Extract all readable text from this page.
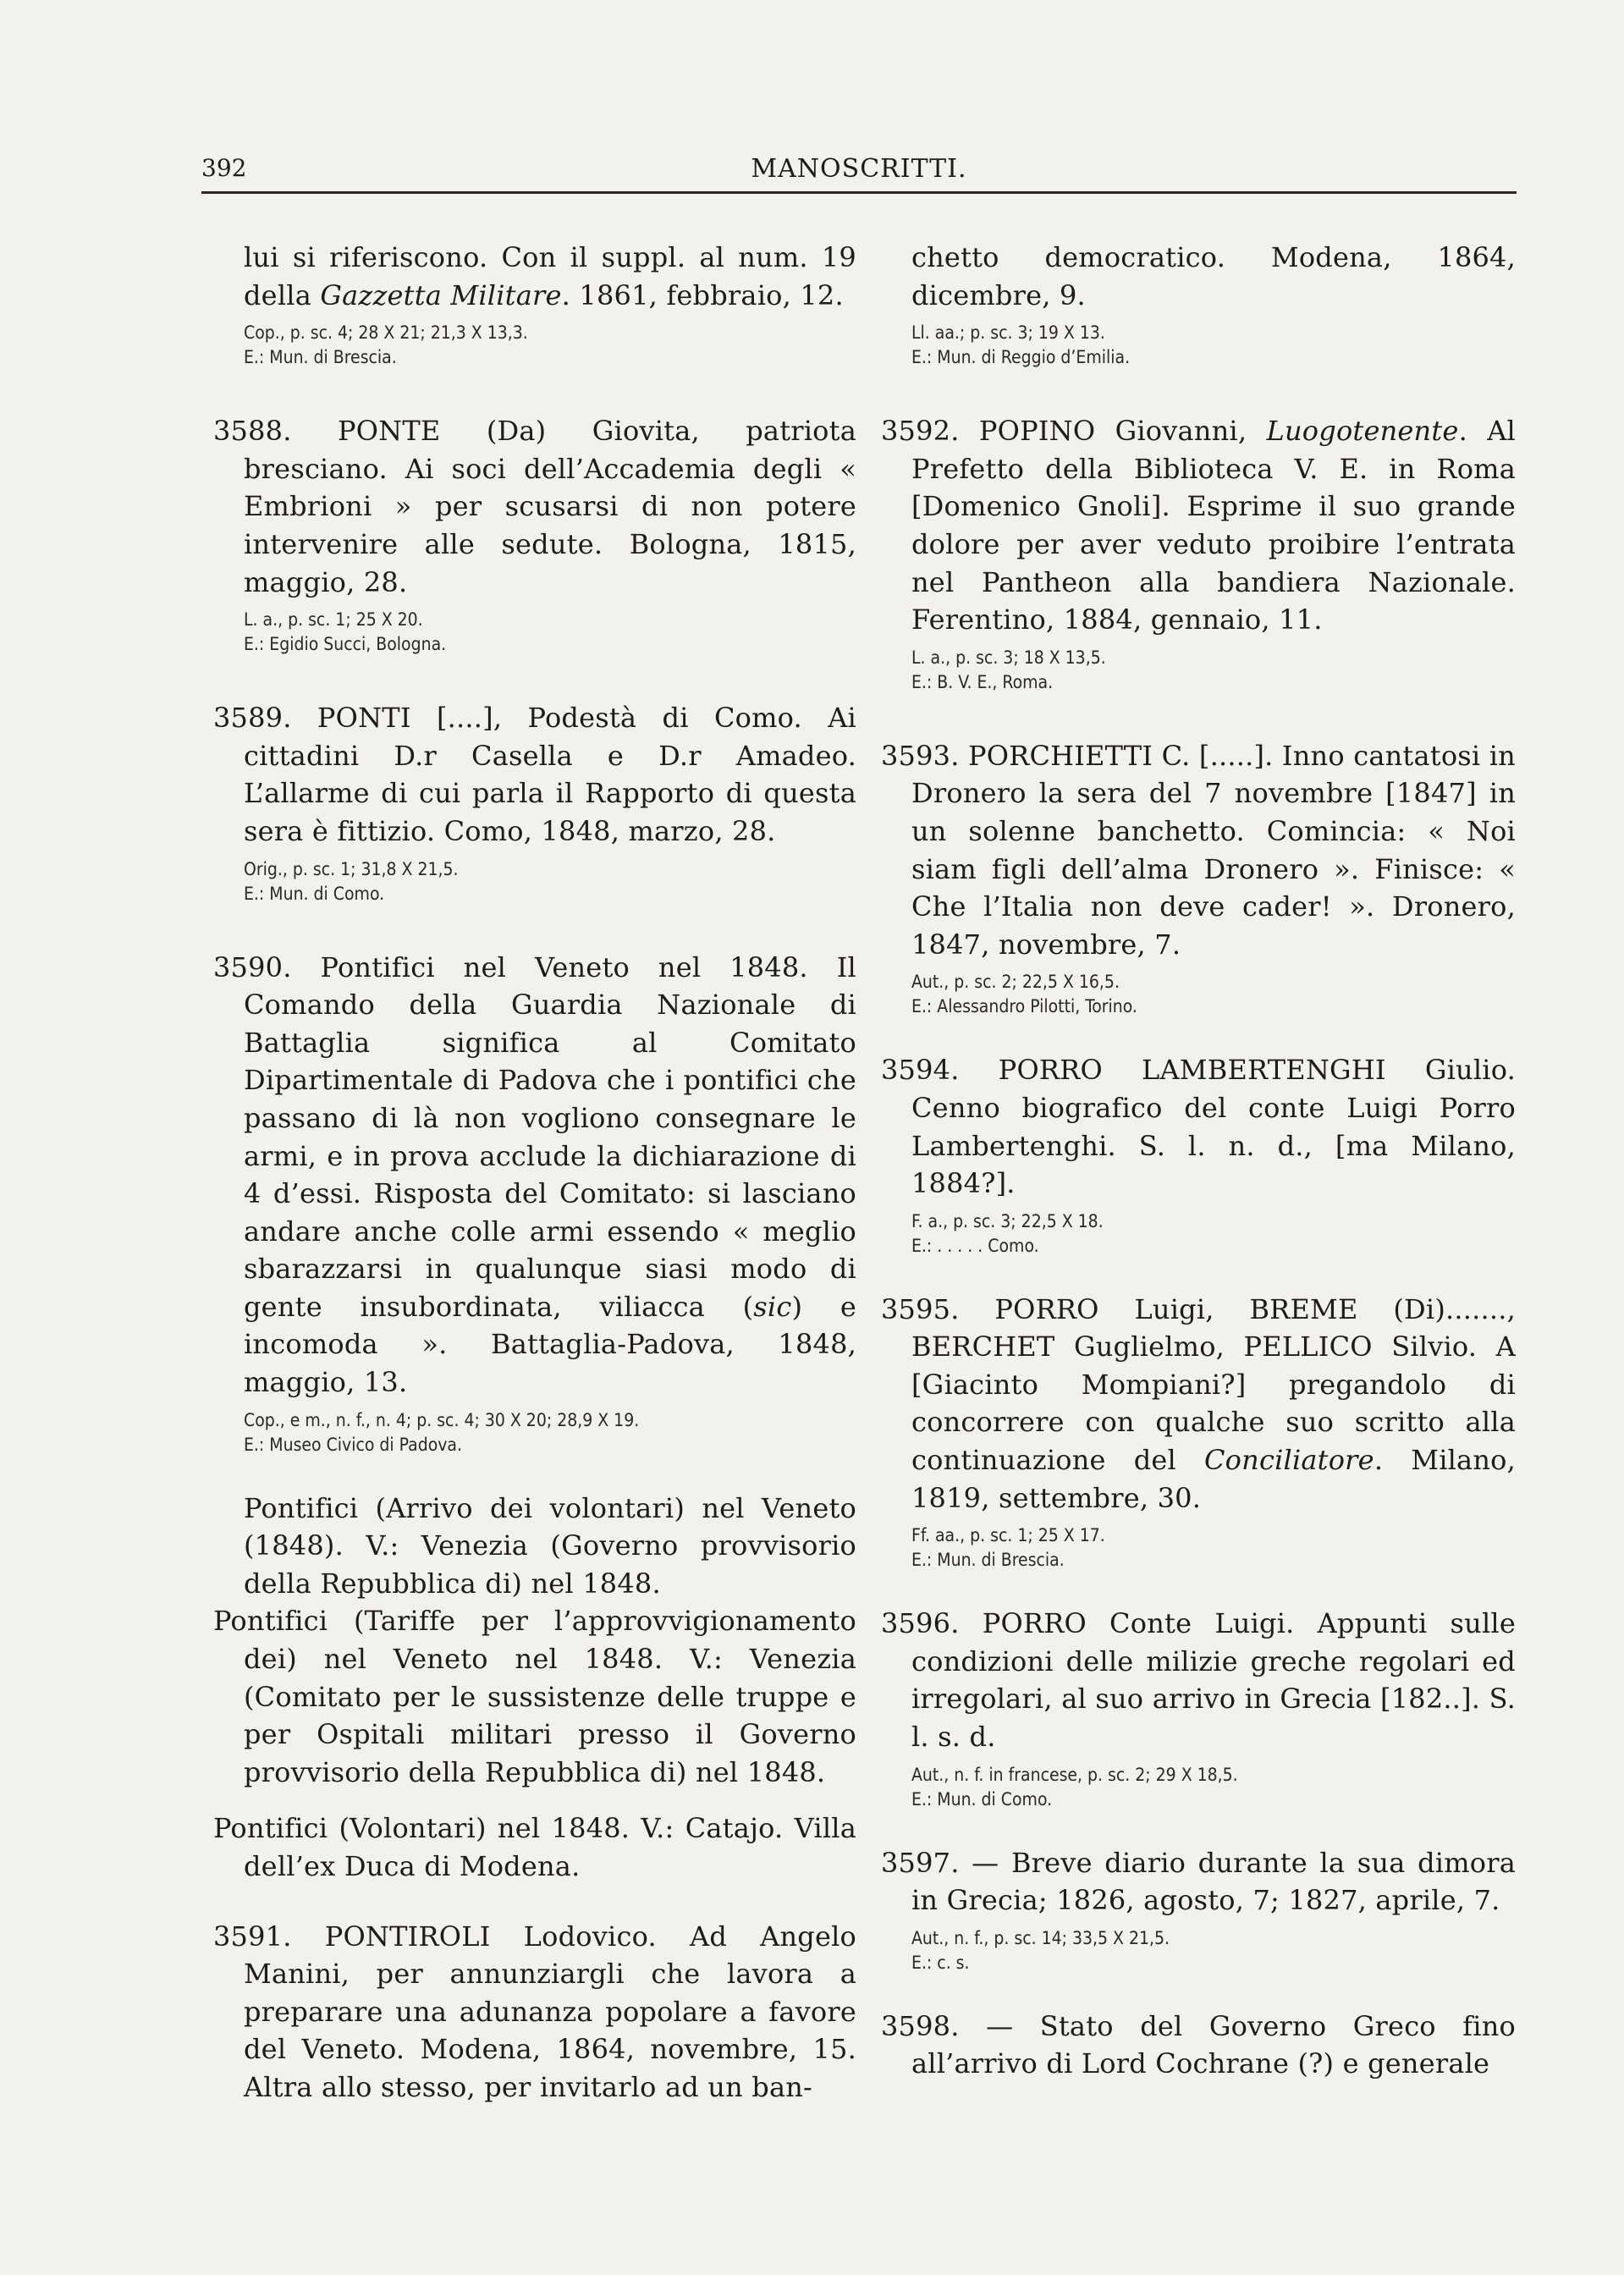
392	MANOSCRITTI.

lui si riferiscono. Con il suppl. al num. 19 della Gazzetta Militare. 1861, febbraio, 12.

Cop., p. sc. 4; 28 X 21; 21,3 X 13,3.
E.: Mun. di Brescia.

3588. PONTE (Da) Giovita, patriota bresciano. Ai soci dell’Accademia degli « Embrioni » per scusarsi di non potere intervenire alle sedute. Bologna, 1815, maggio, 28.

L. a., p. sc. 1; 25 X 20.
E.: Egidio Succi, Bologna.

3589. PONTI [....], Podestà di Como. Ai cittadini D.r Casella e D.r Amadeo. L’allarme di cui parla il Rapporto di questa sera è fittizio. Como, 1848, marzo, 28.

Orig., p. sc. 1; 31,8 X 21,5.
E.: Mun. di Como.

3590. Pontifici nel Veneto nel 1848. Il Comando della Guardia Nazionale di Battaglia significa al Comitato Dipartimentale di Padova che i pontifici che passano di là non vogliono consegnare le armi, e in prova acclude la dichiarazione di 4 d’essi. Risposta del Comitato: si lasciano andare anche colle armi essendo « meglio sbarazzarsi in qualunque siasi modo di gente insubordinata, viliacca (sic) e incomoda ». Battaglia-Padova, 1848, maggio, 13.

Cop., e m., n. f., n. 4; p. sc. 4; 30 X 20; 28,9 X 19.
E.: Museo Civico di Padova.

Pontifici (Arrivo dei volontari) nel Veneto (1848). V.: Venezia (Governo provvisorio della Repubblica di) nel 1848.

Pontifici (Tariffe per l’approvvigionamento dei) nel Veneto nel 1848. V.: Venezia (Comitato per le sussistenze delle truppe e per Ospitali militari presso il Governo provvisorio della Repubblica di) nel 1848.

Pontifici (Volontari) nel 1848. V.: Catajo. Villa dell’ex Duca di Modena.

3591. PONTIROLI Lodovico. Ad Angelo Manini, per annunziargli che lavora a preparare una adunanza popolare a favore del Veneto. Modena, 1864, novembre, 15. Altra allo stesso, per invitarlo ad un ban-

chetto democratico. Modena, 1864, dicembre, 9.

Ll. aa.; p. sc. 3; 19 X 13.
E.: Mun. di Reggio d’Emilia.

3592. POPINO Giovanni, Luogotenente. Al Prefetto della Biblioteca V. E. in Roma [Domenico Gnoli]. Esprime il suo grande dolore per aver veduto proibire l’entrata nel Pantheon alla bandiera Nazionale. Ferentino, 1884, gennaio, 11.

L. a., p. sc. 3; 18 X 13,5.
E.: B. V. E., Roma.

3593. PORCHIETTI C. [.....]. Inno cantatosi in Dronero la sera del 7 novembre [1847] in un solenne banchetto. Comincia: « Noi siam figli dell’alma Dronero ». Finisce: « Che l’Italia non deve cader! ». Dronero, 1847, novembre, 7.

Aut., p. sc. 2; 22,5 X 16,5.
E.: Alessandro Pilotti, Torino.

3594. PORRO LAMBERTENGHI Giulio. Cenno biografico del conte Luigi Porro Lambertenghi. S. l. n. d., [ma Milano, 1884?].

F. a., p. sc. 3; 22,5 X 18.
E.: . . . . . Como.

3595. PORRO Luigi, BREME (Di)......., BERCHET Guglielmo, PELLICO Silvio. A [Giacinto Mompiani?] pregandolo di concorrere con qualche suo scritto alla continuazione del Conciliatore. Milano, 1819, settembre, 30.

Ff. aa., p. sc. 1; 25 X 17.
E.: Mun. di Brescia.

3596. PORRO Conte Luigi. Appunti sulle condizioni delle milizie greche regolari ed irregolari, al suo arrivo in Grecia [182..]. S. l. s. d.

Aut., n. f. in francese, p. sc. 2; 29 X 18,5.
E.: Mun. di Como.

3597. — Breve diario durante la sua dimora in Grecia; 1826, agosto, 7; 1827, aprile, 7.

Aut., n. f., p. sc. 14; 33,5 X 21,5.
E.: c. s.

3598. — Stato del Governo Greco fino all’arrivo di Lord Cochrane (?) e generale
